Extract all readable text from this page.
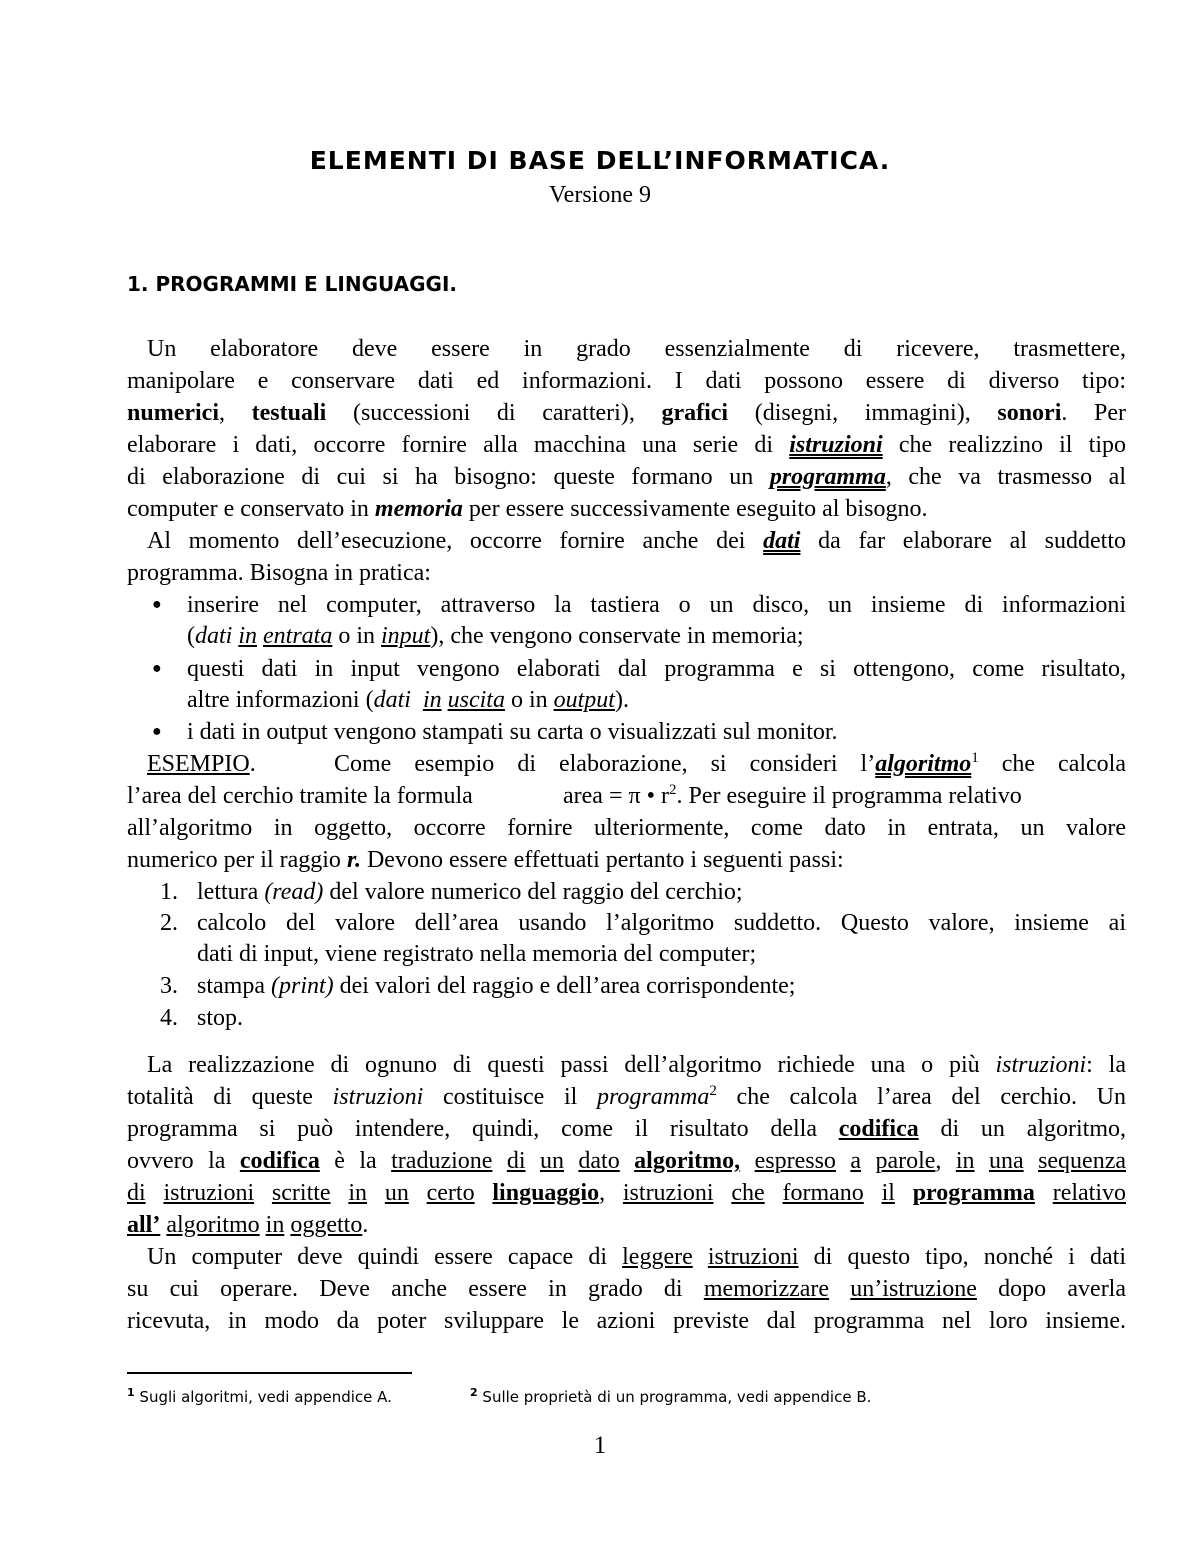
ELEMENTI DI BASE DELL’INFORMATICA.
Versione 9
1. PROGRAMMI E LINGUAGGI.
Un elaboratore deve essere in grado essenzialmente di ricevere, trasmettere,
manipolare e conservare dati ed informazioni. I dati possono essere di diverso tipo:
numerici, testuali (successioni di caratteri), grafici (disegni, immagini), sonori. Per
elaborare i dati, occorre fornire alla macchina una serie di istruzioni che realizzino il tipo
di elaborazione di cui si ha bisogno: queste formano un programma, che va trasmesso al
computer e conservato in memoria per essere successivamente eseguito al bisogno.
Al momento dell’esecuzione, occorre fornire anche dei dati da far elaborare al suddetto
programma. Bisogna in pratica:
● inserire nel computer, attraverso la tastiera o un disco, un insieme di informazioni
(dati in entrata o in input), che vengono conservate in memoria;
● questi dati in input vengono elaborati dal programma e si ottengono, come risultato,
altre informazioni (dati in uscita o in output).
● i dati in output vengono stampati su carta o visualizzati sul monitor.
ESEMPIO.	Come esempio di elaborazione, si consideri l’algoritmo$^1$ che calcola
l’area del cerchio tramite la formula	area = π • $r^2$. Per eseguire il programma relativo
all’algoritmo in oggetto, occorre fornire ulteriormente, come dato in entrata, un valore
numerico per il raggio r. Devono essere effettuati pertanto i seguenti passi:
1. lettura (read) del valore numerico del raggio del cerchio;
2. calcolo del valore dell’area usando l’algoritmo suddetto. Questo valore, insieme ai
dati di input, viene registrato nella memoria del computer;
3. stampa (print) dei valori del raggio e dell’area corrispondente;
4. stop.
La realizzazione di ognuno di questi passi dell’algoritmo richiede una o più istruzioni: la
totalità di queste istruzioni costituisce il programma$^2$ che calcola l’area del cerchio. Un
programma si può intendere, quindi, come il risultato della codifica di un algoritmo,
ovvero la codifica è la traduzione di un dato algoritmo, espresso a parole, in una sequenza
di istruzioni scritte in un certo linguaggio, istruzioni che formano il programma relativo
all’ algoritmo in oggetto.
Un computer deve quindi essere capace di leggere istruzioni di questo tipo, nonché i dati
su cui operare. Deve anche essere in grado di memorizzare un’istruzione dopo averla
ricevuta, in modo da poter sviluppare le azioni previste dal programma nel loro insieme.
$^1$ Sugli algoritmi, vedi appendice A.	$^2$ Sulle proprietà di un programma, vedi appendice B.
1
